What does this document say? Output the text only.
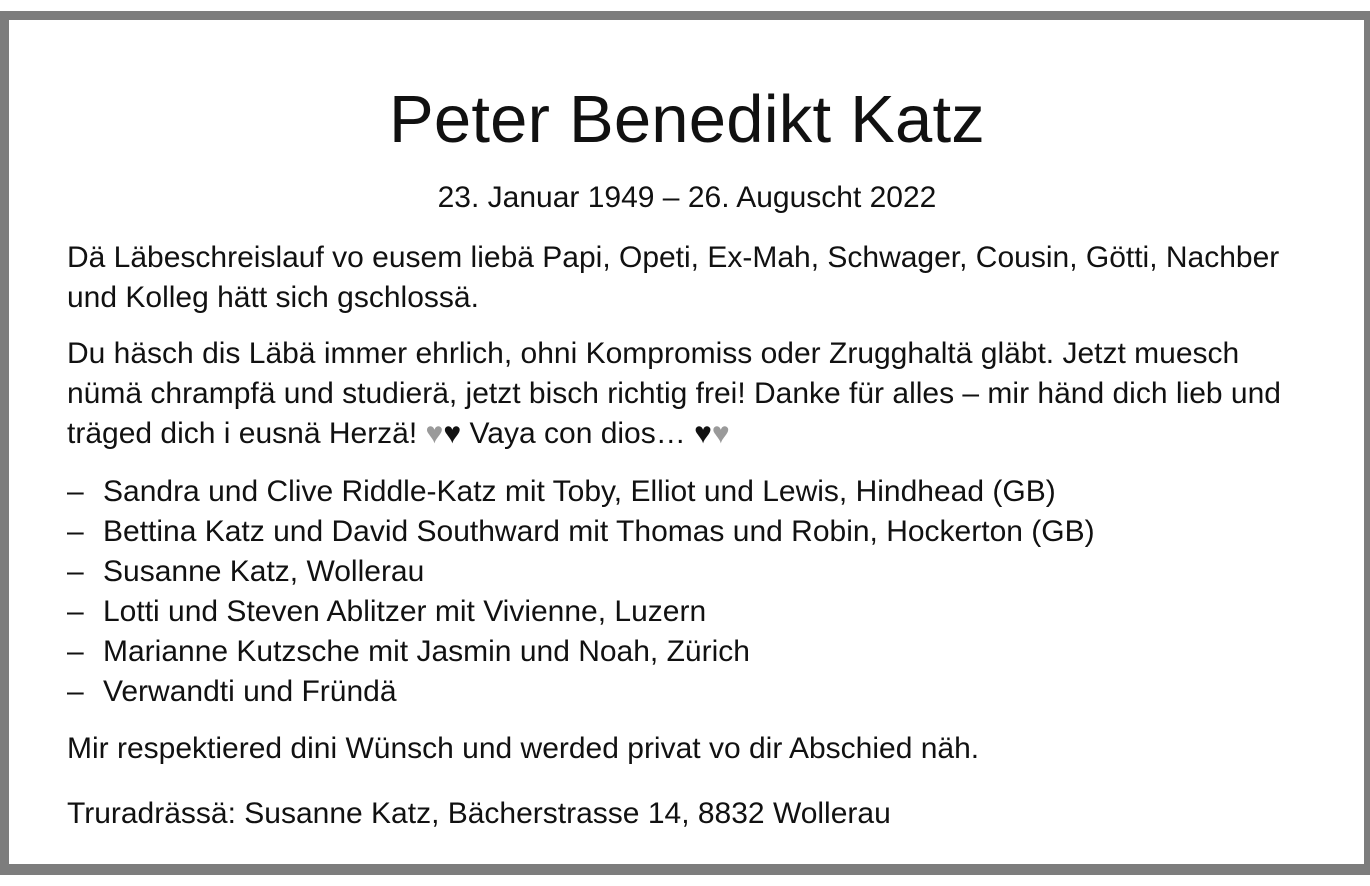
Peter Benedikt Katz
23. Januar 1949 – 26. Auguscht 2022

Dä Läbeschreislauf vo eusem liebä Papi, Opeti, Ex-Mah, Schwager, Cousin, Götti, Nachber und Kolleg hätt sich gschlossä.

Du häsch dis Läbä immer ehrlich, ohni Kompromiss oder Zrugghaltä gläbt. Jetzt muesch nümä chrampfä und studierä, jetzt bisch richtig frei! Danke für alles – mir händ dich lieb und träged dich i eusnä Herzä! ♥♥ Vaya con dios… ♥♥

– Sandra und Clive Riddle-Katz mit Toby, Elliot und Lewis, Hindhead (GB)
– Bettina Katz und David Southward mit Thomas und Robin, Hockerton (GB)
– Susanne Katz, Wollerau
– Lotti und Steven Ablitzer mit Vivienne, Luzern
– Marianne Kutzsche mit Jasmin und Noah, Zürich
– Verwandti und Fründä

Mir respektiered dini Wünsch und werded privat vo dir Abschied näh.

Truradrässä: Susanne Katz, Bächerstrasse 14, 8832 Wollerau
